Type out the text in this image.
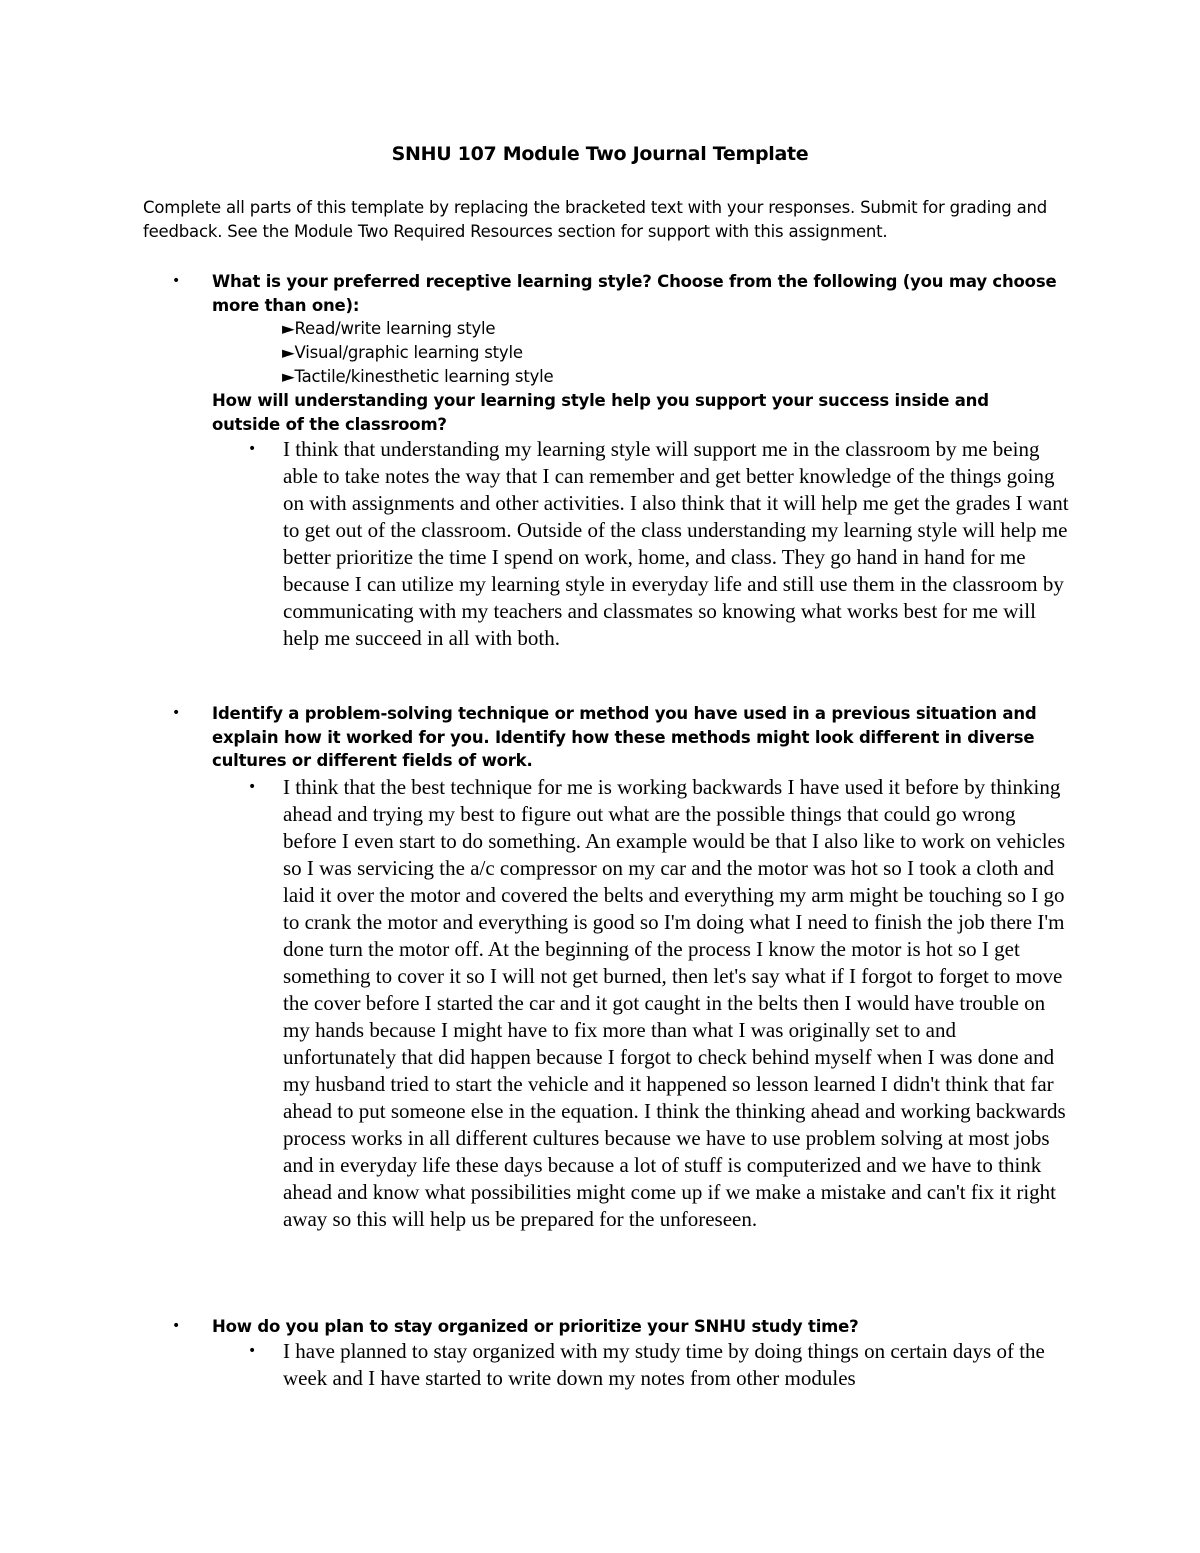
SNHU 107 Module Two Journal Template
Complete all parts of this template by replacing the bracketed text with your responses. Submit for grading and feedback. See the Module Two Required Resources section for support with this assignment.
• What is your preferred receptive learning style? Choose from the following (you may choose more than one):
►Read/write learning style
►Visual/graphic learning style
►Tactile/kinesthetic learning style
How will understanding your learning style help you support your success inside and outside of the classroom?
• I think that understanding my learning style will support me in the classroom by me being able to take notes the way that I can remember and get better knowledge of the things going on with assignments and other activities. I also think that it will help me get the grades I want to get out of the classroom. Outside of the class understanding my learning style will help me better prioritize the time I spend on work, home, and class. They go hand in hand for me because I can utilize my learning style in everyday life and still use them in the classroom by communicating with my teachers and classmates so knowing what works best for me will help me succeed in all with both.
• Identify a problem-solving technique or method you have used in a previous situation and explain how it worked for you. Identify how these methods might look different in diverse cultures or different fields of work.
• I think that the best technique for me is working backwards I have used it before by thinking ahead and trying my best to figure out what are the possible things that could go wrong before I even start to do something. An example would be that I also like to work on vehicles so I was servicing the a/c compressor on my car and the motor was hot so I took a cloth and laid it over the motor and covered the belts and everything my arm might be touching so I go to crank the motor and everything is good so I'm doing what I need to finish the job there I'm done turn the motor off. At the beginning of the process I know the motor is hot so I get something to cover it so I will not get burned, then let's say what if I forgot to forget to move the cover before I started the car and it got caught in the belts then I would have trouble on my hands because I might have to fix more than what I was originally set to and unfortunately that did happen because I forgot to check behind myself when I was done and my husband tried to start the vehicle and it happened so lesson learned I didn't think that far ahead to put someone else in the equation. I think the thinking ahead and working backwards process works in all different cultures because we have to use problem solving at most jobs and in everyday life these days because a lot of stuff is computerized and we have to think ahead and know what possibilities might come up if we make a mistake and can't fix it right away so this will help us be prepared for the unforeseen.
• How do you plan to stay organized or prioritize your SNHU study time?
• I have planned to stay organized with my study time by doing things on certain days of the week and I have started to write down my notes from other modules
